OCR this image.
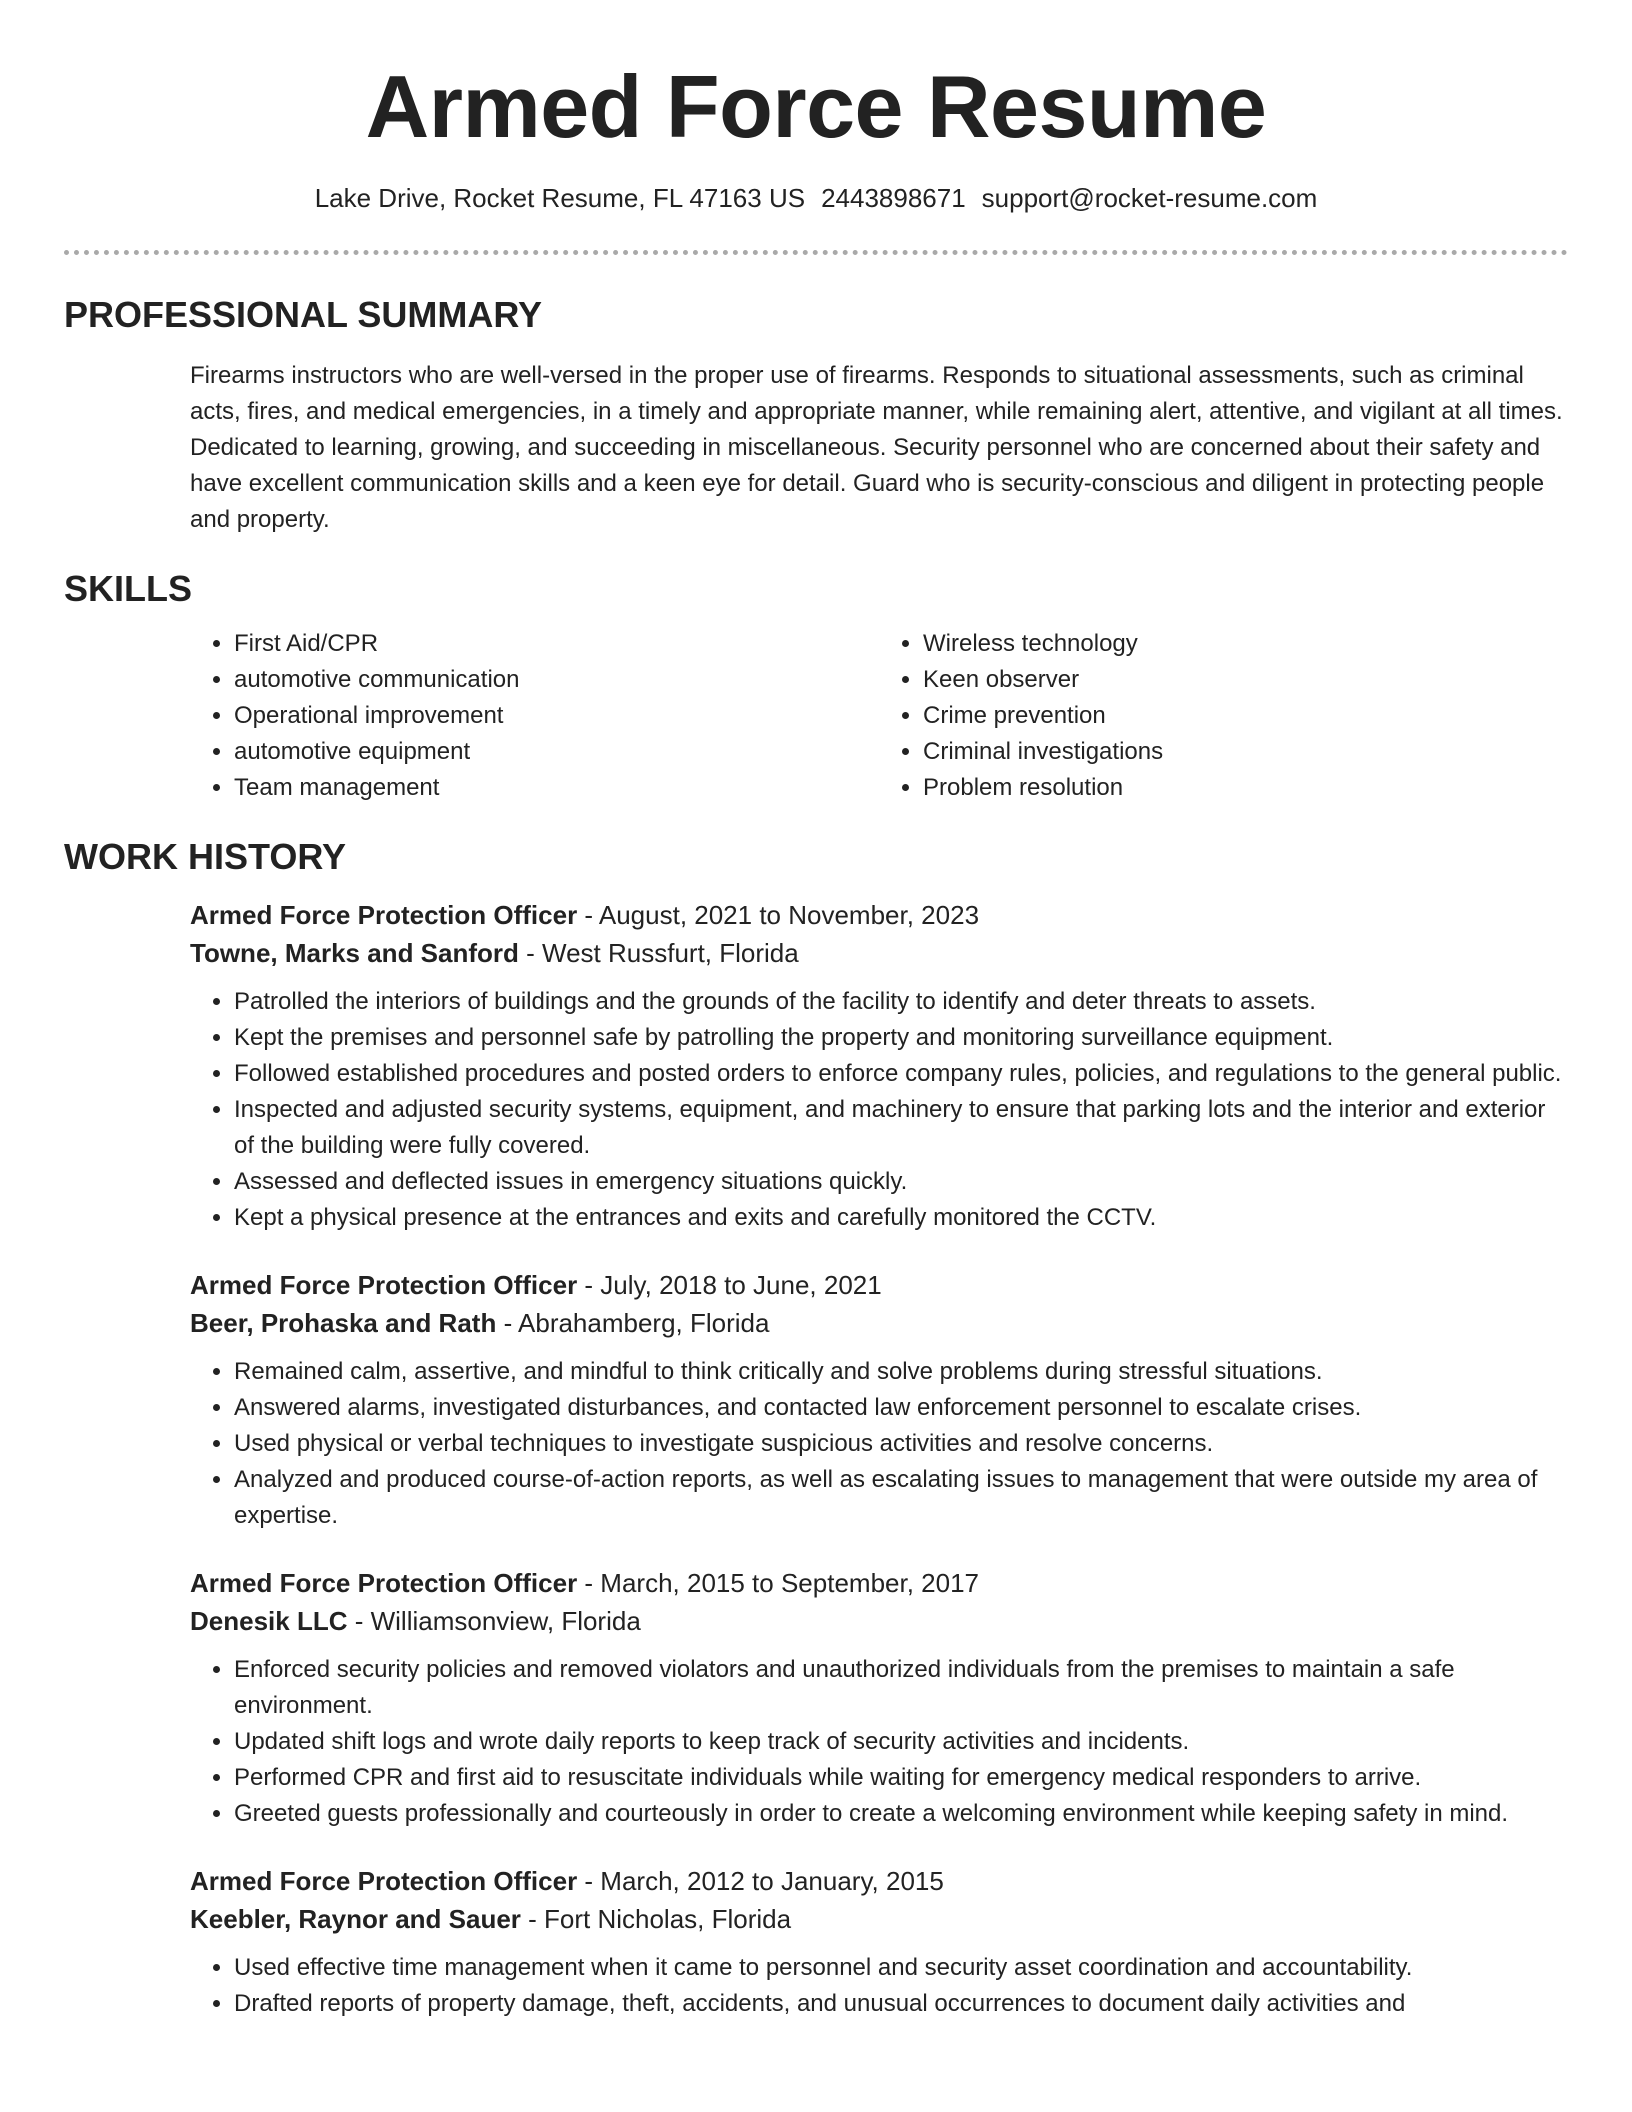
Armed Force Resume
Lake Drive, Rocket Resume, FL 47163 US 2443898671 support@rocket-resume.com
PROFESSIONAL SUMMARY
Firearms instructors who are well-versed in the proper use of firearms. Responds to situational assessments, such as criminal acts, fires, and medical emergencies, in a timely and appropriate manner, while remaining alert, attentive, and vigilant at all times. Dedicated to learning, growing, and succeeding in miscellaneous. Security personnel who are concerned about their safety and have excellent communication skills and a keen eye for detail. Guard who is security-conscious and diligent in protecting people and property.
SKILLS
• First Aid/CPR
• automotive communication
• Operational improvement
• automotive equipment
• Team management
• Wireless technology
• Keen observer
• Crime prevention
• Criminal investigations
• Problem resolution
WORK HISTORY

Armed Force Protection Officer - August, 2021 to November, 2023

Towne, Marks and Sanford - West Russfurt, Florida

• Patrolled the interiors of buildings and the grounds of the facility to identify and deter threats to assets.
• Kept the premises and personnel safe by patrolling the property and monitoring surveillance equipment.
• Followed established procedures and posted orders to enforce company rules, policies, and regulations to the general public.
• Inspected and adjusted security systems, equipment, and machinery to ensure that parking lots and the interior and exterior of the building were fully covered.
• Assessed and deflected issues in emergency situations quickly.
• Kept a physical presence at the entrances and exits and carefully monitored the CCTV.

Armed Force Protection Officer - July, 2018 to June, 2021

Beer, Prohaska and Rath - Abrahamberg, Florida

• Remained calm, assertive, and mindful to think critically and solve problems during stressful situations.
• Answered alarms, investigated disturbances, and contacted law enforcement personnel to escalate crises.
• Used physical or verbal techniques to investigate suspicious activities and resolve concerns.
• Analyzed and produced course-of-action reports, as well as escalating issues to management that were outside my area of expertise.

Armed Force Protection Officer - March, 2015 to September, 2017

Denesik LLC - Williamsonview, Florida

• Enforced security policies and removed violators and unauthorized individuals from the premises to maintain a safe environment.
• Updated shift logs and wrote daily reports to keep track of security activities and incidents.
• Performed CPR and first aid to resuscitate individuals while waiting for emergency medical responders to arrive.
• Greeted guests professionally and courteously in order to create a welcoming environment while keeping safety in mind.

Armed Force Protection Officer - March, 2012 to January, 2015

Keebler, Raynor and Sauer - Fort Nicholas, Florida

• Used effective time management when it came to personnel and security asset coordination and accountability.
• Drafted reports of property damage, theft, accidents, and unusual occurrences to document daily activities and
